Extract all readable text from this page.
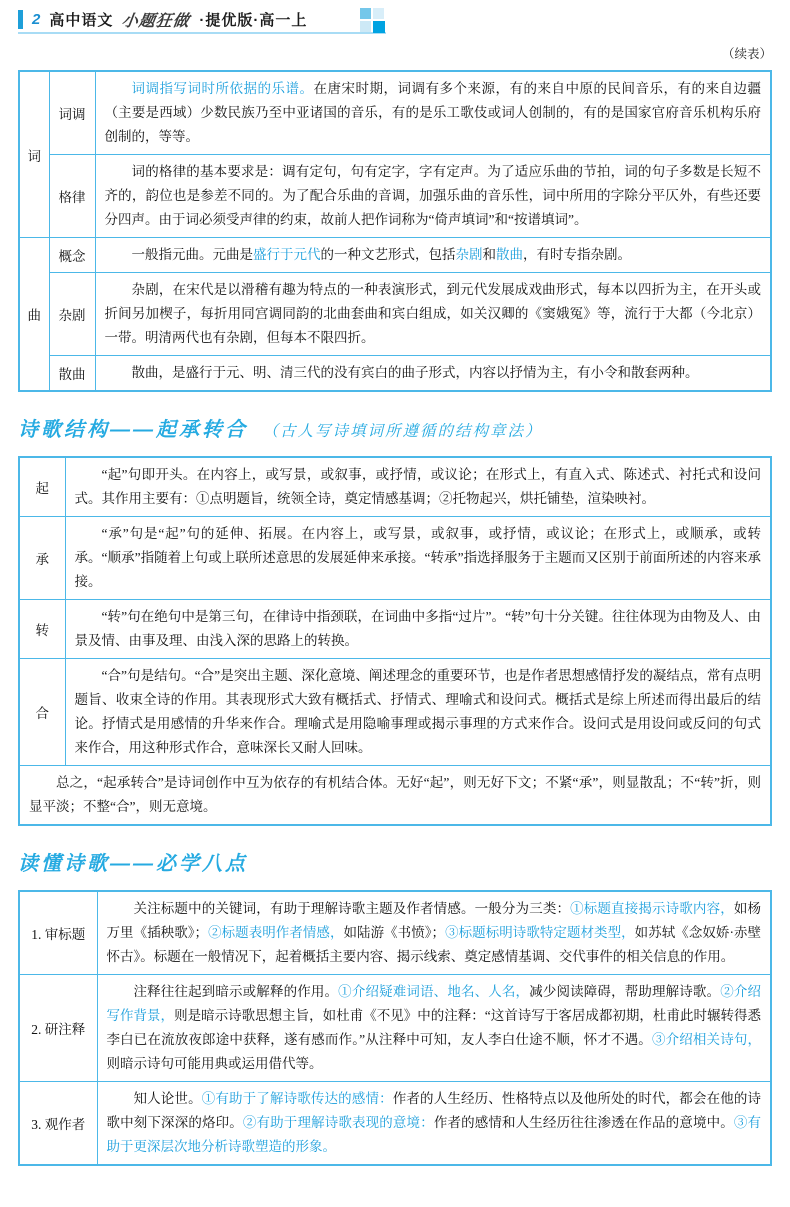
2 高中语文 小题狂做 ·提优版·高一上
（续表）
词	词调	词调指写词时所依据的乐谱。在唐宋时期，词调有多个来源，有的来自中原的民间音乐，有的来自边疆（主要是西域）少数民族乃至中亚诸国的音乐，有的是乐工歌伎或词人创制的，有的是国家官府音乐机构乐府创制的，等等。

	格律	词的格律的基本要求是：调有定句，句有定字，字有定声。为了适应乐曲的节拍，词的句子多数是长短不齐的，韵位也是参差不同的。为了配合乐曲的音调，加强乐曲的音乐性，词中所用的字除分平仄外，有些还要分四声。由于词必须受声律的约束，故前人把作词称为“倚声填词”和“按谱填词”。

曲	概念	一般指元曲。元曲是盛行于元代的一种文艺形式，包括杂剧和散曲，有时专指杂剧。

	杂剧	杂剧，在宋代是以滑稽有趣为特点的一种表演形式，到元代发展成戏曲形式，每本以四折为主，在开头或折间另加楔子，每折用同宫调同韵的北曲套曲和宾白组成，如关汉卿的《窦娥冤》等，流行于大都（今北京）一带。明清两代也有杂剧，但每本不限四折。

	散曲	散曲，是盛行于元、明、清三代的没有宾白的曲子形式，内容以抒情为主，有小令和散套两种。
诗歌结构——起承转合 （古人写诗填词所遵循的结构章法）
起	“起”句即开头。在内容上，或写景，或叙事，或抒情，或议论；在形式上，有直入式、陈述式、衬托式和设问式。其作用主要有：①点明题旨，统领全诗，奠定情感基调；②托物起兴，烘托铺垫，渲染映衬。

承	“承”句是“起”句的延伸、拓展。在内容上，或写景，或叙事，或抒情，或议论；在形式上，或顺承，或转承。“顺承”指随着上句或上联所述意思的发展延伸来承接。“转承”指选择服务于主题而又区别于前面所述的内容来承接。

转	“转”句在绝句中是第三句，在律诗中指颈联，在词曲中多指“过片”。“转”句十分关键。往往体现为由物及人、由景及情、由事及理、由浅入深的思路上的转换。

合	“合”句是结句。“合”是突出主题、深化意境、阐述理念的重要环节，也是作者思想感情抒发的凝结点，常有点明题旨、收束全诗的作用。其表现形式大致有概括式、抒情式、理喻式和设问式。概括式是综上所述而得出最后的结论。抒情式是用感情的升华来作合。理喻式是用隐喻事理或揭示事理的方式来作合。设问式是用设问或反问的句式来作合，用这种形式作合，意味深长又耐人回味。

总之，“起承转合”是诗词创作中互为依存的有机结合体。无好“起”，则无好下文；不紧“承”，则显散乱；不“转”折，则显平淡；不整“合”，则无意境。	
读懂诗歌——必学八点
1. 审标题	关注标题中的关键词，有助于理解诗歌主题及作者情感。一般分为三类：①标题直接揭示诗歌内容，如杨万里《插秧歌》；②标题表明作者情感，如陆游《书愤》；③标题标明诗歌特定题材类型，如苏轼《念奴娇·赤壁怀古》。标题在一般情况下，起着概括主要内容、揭示线索、奠定感情基调、交代事件的相关信息的作用。

2. 研注释	注释往往起到暗示或解释的作用。①介绍疑难词语、地名、人名，减少阅读障碍，帮助理解诗歌。②介绍写作背景，则是暗示诗歌思想主旨，如杜甫《不见》中的注释：“这首诗写于客居成都初期，杜甫此时辗转得悉李白已在流放夜郎途中获释，遂有感而作。”从注释中可知，友人李白仕途不顺，怀才不遇。③介绍相关诗句，则暗示诗句可能用典或运用借代等。

3. 观作者	知人论世。①有助于了解诗歌传达的感情：作者的人生经历、性格特点以及他所处的时代，都会在他的诗歌中刻下深深的烙印。②有助于理解诗歌表现的意境：作者的感情和人生经历往往渗透在作品的意境中。③有助于更深层次地分析诗歌塑造的形象。
